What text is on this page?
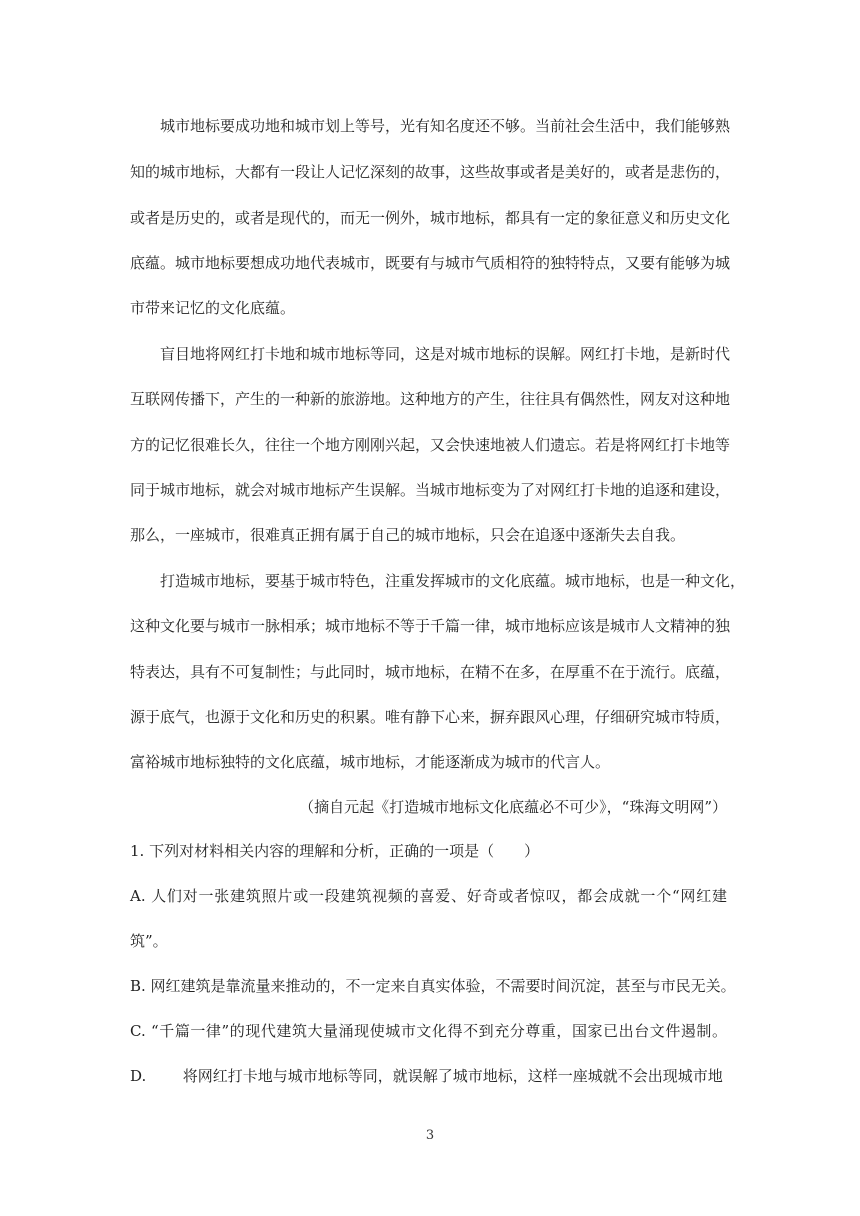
城市地标要成功地和城市划上等号，光有知名度还不够。当前社会生活中，我们能够熟
知的城市地标，大都有一段让人记忆深刻的故事，这些故事或者是美好的，或者是悲伤的，
或者是历史的，或者是现代的，而无一例外，城市地标，都具有一定的象征意义和历史文化
底蕴。城市地标要想成功地代表城市，既要有与城市气质相符的独特特点，又要有能够为城
市带来记忆的文化底蕴。
盲目地将网红打卡地和城市地标等同，这是对城市地标的误解。网红打卡地，是新时代
互联网传播下，产生的一种新的旅游地。这种地方的产生，往往具有偶然性，网友对这种地
方的记忆很难长久，往往一个地方刚刚兴起，又会快速地被人们遗忘。若是将网红打卡地等
同于城市地标，就会对城市地标产生误解。当城市地标变为了对网红打卡地的追逐和建设，
那么，一座城市，很难真正拥有属于自己的城市地标，只会在追逐中逐渐失去自我。
打造城市地标，要基于城市特色，注重发挥城市的文化底蕴。城市地标，也是一种文化，
这种文化要与城市一脉相承；城市地标不等于千篇一律，城市地标应该是城市人文精神的独
特表达，具有不可复制性；与此同时，城市地标，在精不在多，在厚重不在于流行。底蕴，
源于底气，也源于文化和历史的积累。唯有静下心来，摒弃跟风心理，仔细研究城市特质，
富裕城市地标独特的文化底蕴，城市地标，才能逐渐成为城市的代言人。
（摘自元起《打造城市地标文化底蕴必不可少》，“珠海文明网”）
1. 下列对材料相关内容的理解和分析，正确的一项是（　　）
A. 人们对一张建筑照片或一段建筑视频的喜爱、好奇或者惊叹，都会成就一个“网红建
筑”。
B. 网红建筑是靠流量来推动的，不一定来自真实体验，不需要时间沉淀，甚至与市民无关。
C. “千篇一律”的现代建筑大量涌现使城市文化得不到充分尊重，国家已出台文件遏制。
D. 将网红打卡地与城市地标等同，就误解了城市地标，这样一座城就不会出现城市地
3
